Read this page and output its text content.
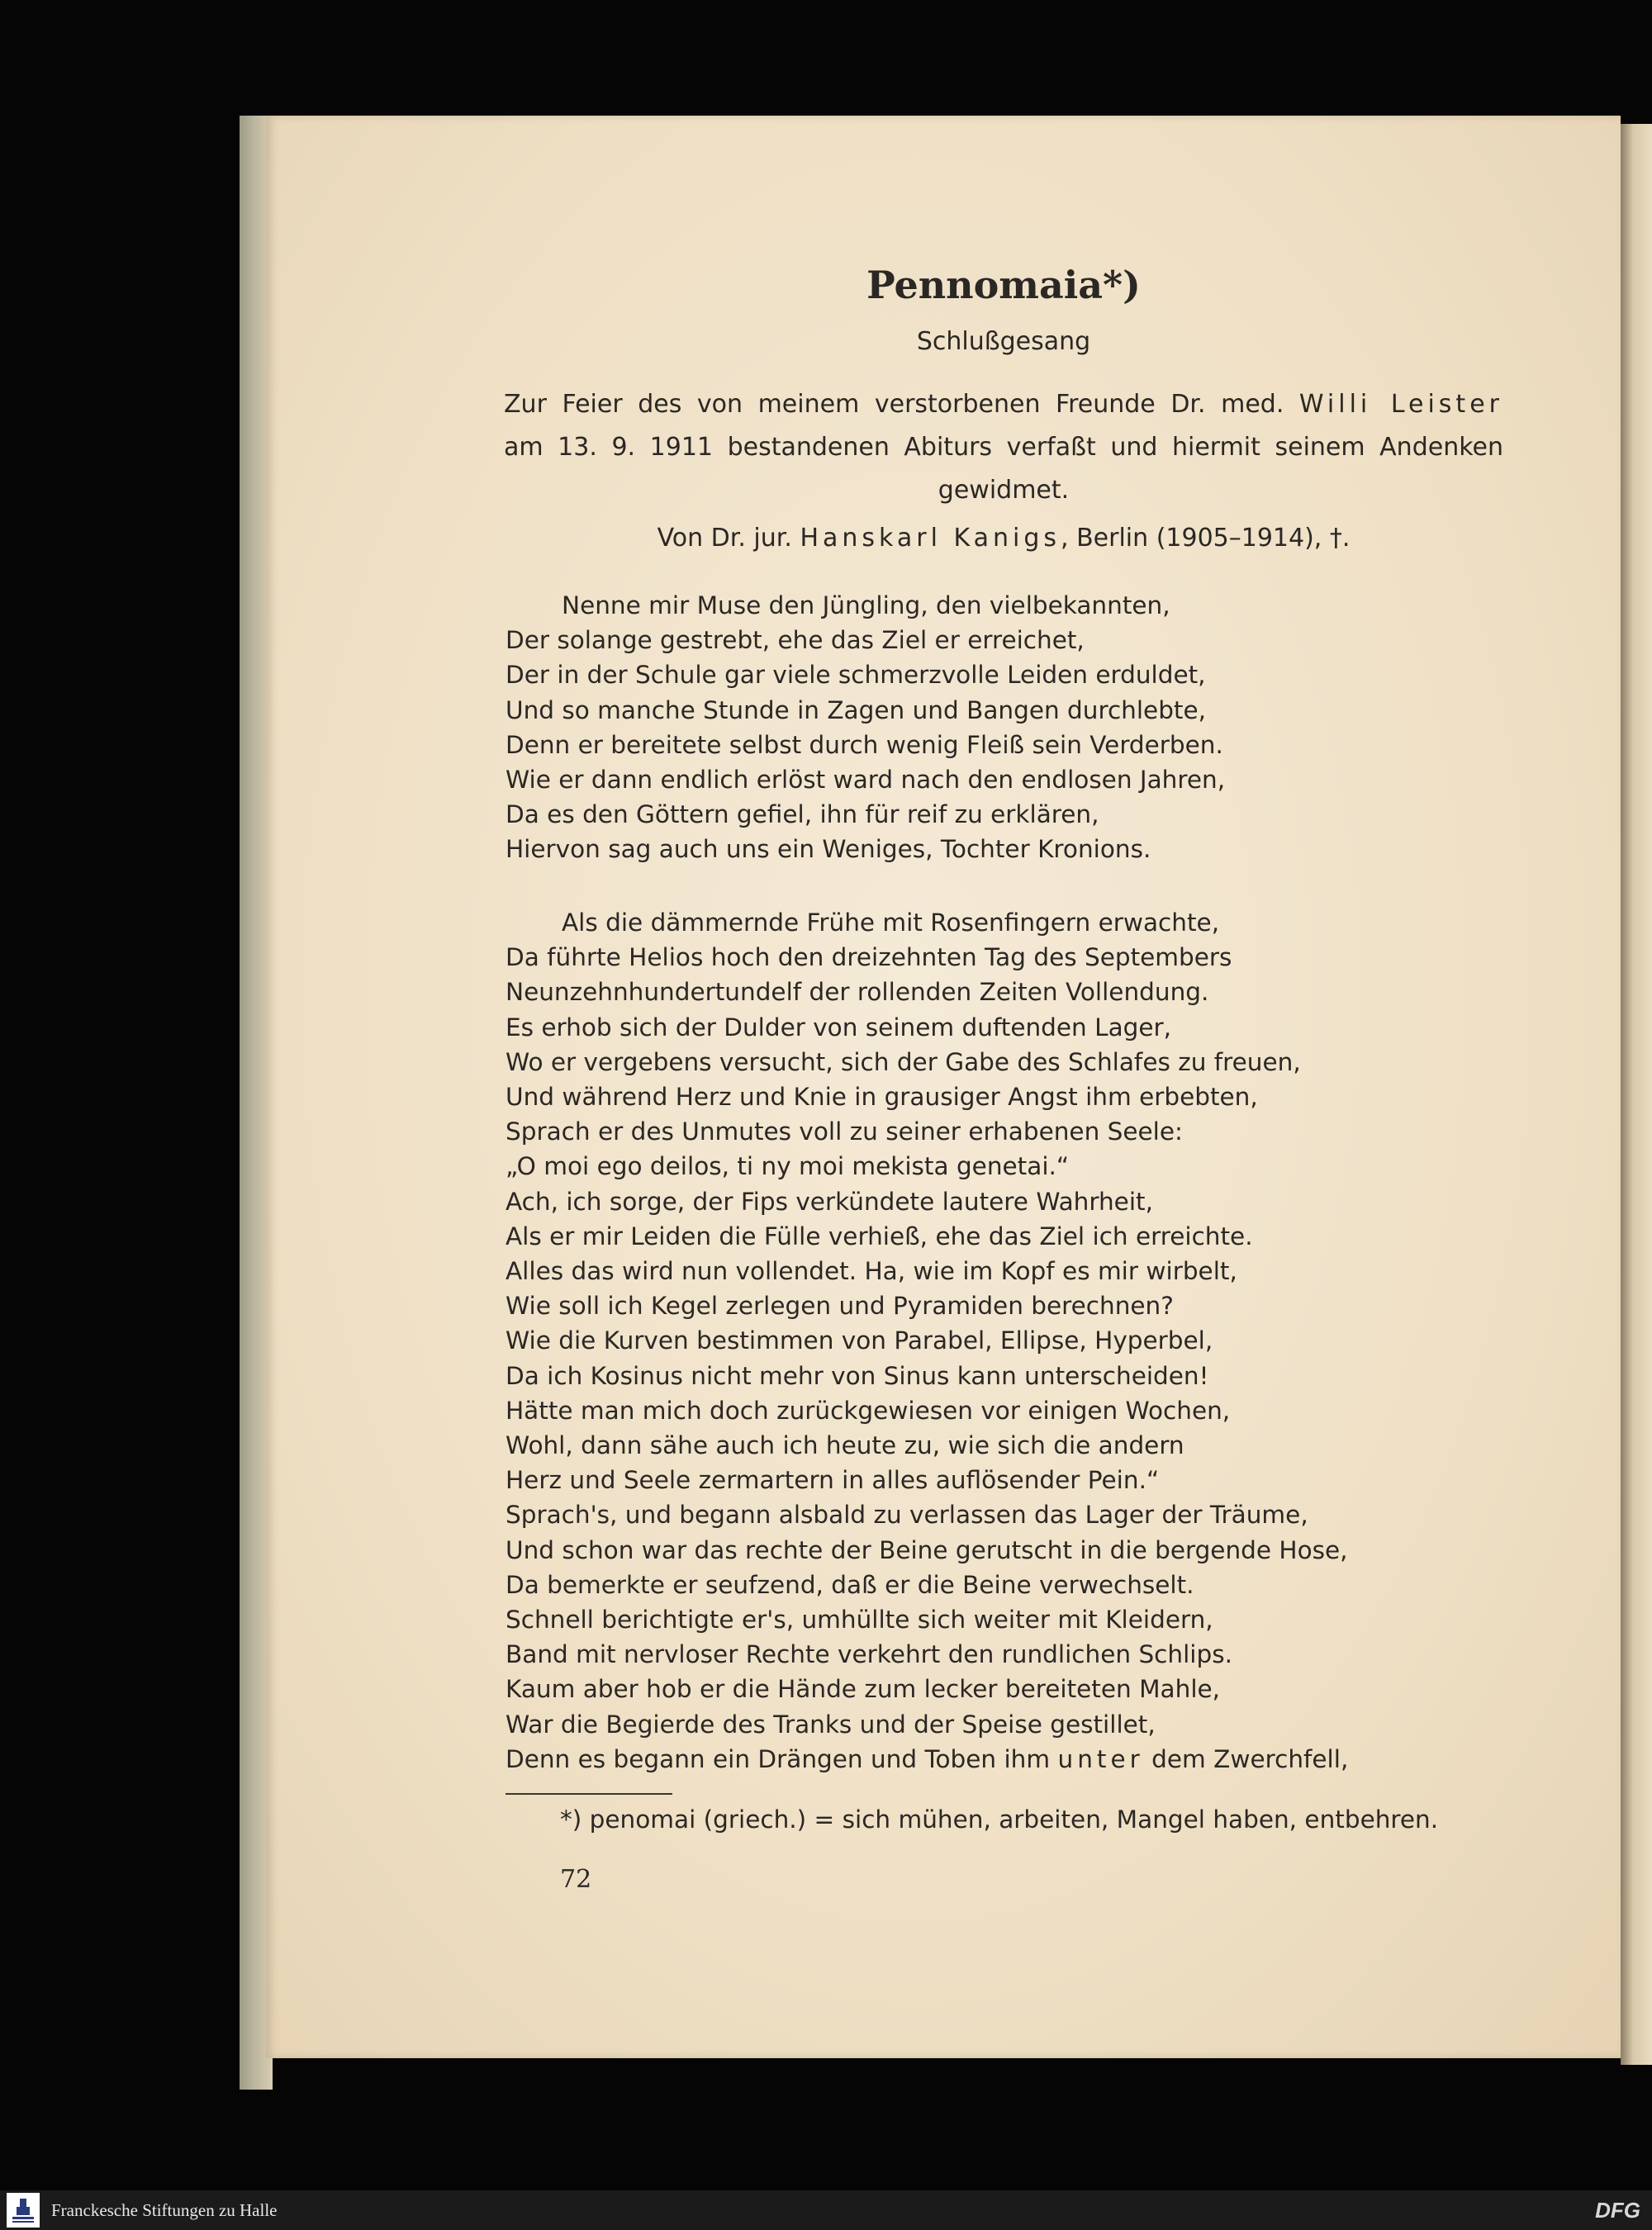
Pennomaia*)
Schlußgesang
Zur Feier des von meinem verstorbenen Freunde Dr. med. Willi Leister
am 13. 9. 1911 bestandenen Abiturs verfaßt und hiermit seinem Andenken
gewidmet.
Von Dr. jur. Hanskarl Kanigs, Berlin (1905–1914), †.
Nenne mir Muse den Jüngling, den vielbekannten,
Der solange gestrebt, ehe das Ziel er erreichet,
Der in der Schule gar viele schmerzvolle Leiden erduldet,
Und so manche Stunde in Zagen und Bangen durchlebte,
Denn er bereitete selbst durch wenig Fleiß sein Verderben.
Wie er dann endlich erlöst ward nach den endlosen Jahren,
Da es den Göttern gefiel, ihn für reif zu erklären,
Hiervon sag auch uns ein Weniges, Tochter Kronions.
Als die dämmernde Frühe mit Rosenfingern erwachte,
Da führte Helios hoch den dreizehnten Tag des Septembers
Neunzehnhundertundelf der rollenden Zeiten Vollendung.
Es erhob sich der Dulder von seinem duftenden Lager,
Wo er vergebens versucht, sich der Gabe des Schlafes zu freuen,
Und während Herz und Knie in grausiger Angst ihm erbebten,
Sprach er des Unmutes voll zu seiner erhabenen Seele:
„O moi ego deilos, ti ny moi mekista genetai.“
Ach, ich sorge, der Fips verkündete lautere Wahrheit,
Als er mir Leiden die Fülle verhieß, ehe das Ziel ich erreichte.
Alles das wird nun vollendet. Ha, wie im Kopf es mir wirbelt,
Wie soll ich Kegel zerlegen und Pyramiden berechnen?
Wie die Kurven bestimmen von Parabel, Ellipse, Hyperbel,
Da ich Kosinus nicht mehr von Sinus kann unterscheiden!
Hätte man mich doch zurückgewiesen vor einigen Wochen,
Wohl, dann sähe auch ich heute zu, wie sich die andern
Herz und Seele zermartern in alles auflösender Pein.“
Sprach's, und begann alsbald zu verlassen das Lager der Träume,
Und schon war das rechte der Beine gerutscht in die bergende Hose,
Da bemerkte er seufzend, daß er die Beine verwechselt.
Schnell berichtigte er's, umhüllte sich weiter mit Kleidern,
Band mit nervloser Rechte verkehrt den rundlichen Schlips.
Kaum aber hob er die Hände zum lecker bereiteten Mahle,
War die Begierde des Tranks und der Speise gestillet,
Denn es begann ein Drängen und Toben ihm unter dem Zwerchfell,
*) penomai (griech.) = sich mühen, arbeiten, Mangel haben, entbehren.
72
Franckesche Stiftungen zu Halle	DFG
